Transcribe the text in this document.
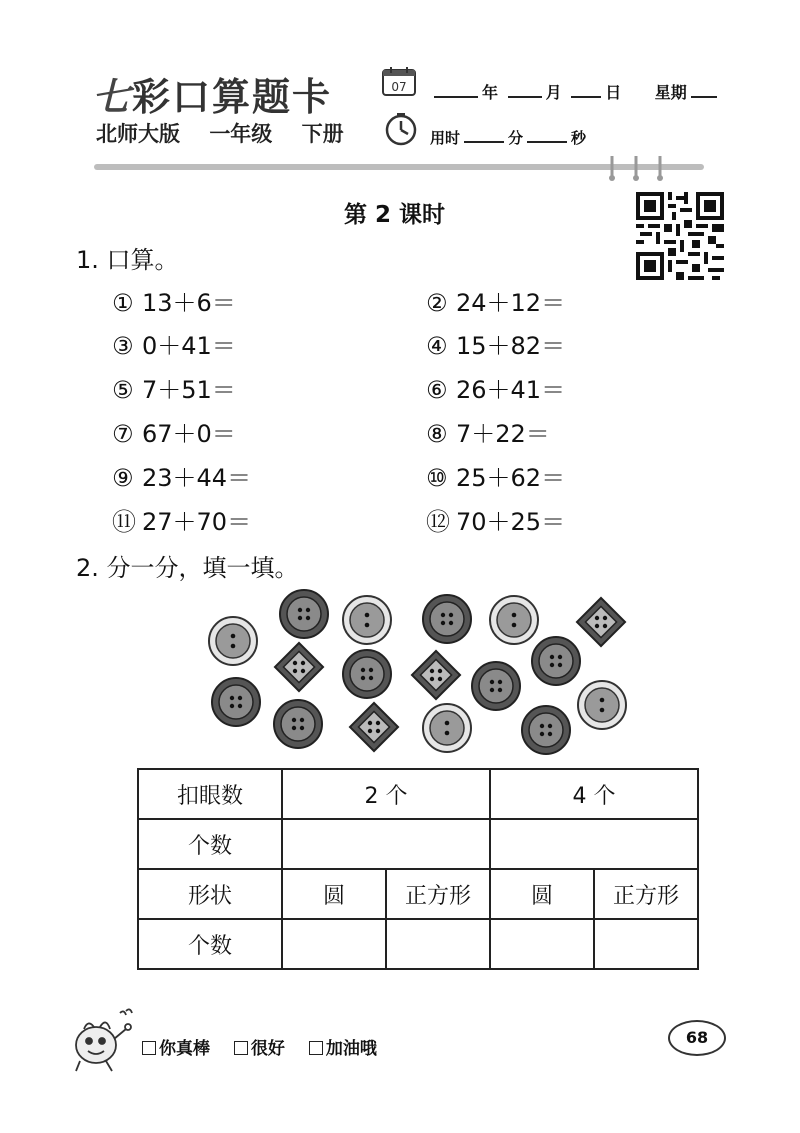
七彩口算题卡
北师大版 一年级 下册
07	年	月	日 星期
用时	分	秒
第 2 课时
1. 口算。
① 13＋6＝	② 24＋12＝
③ 0＋41＝	④ 15＋82＝
⑤ 7＋51＝	⑥ 26＋41＝
⑦ 67＋0＝	⑧ 7＋22＝
⑨ 23＋44＝	⑩ 25＋62＝
⑪ 27＋70＝	⑫ 70＋25＝
2. 分一分，填一填。
扣眼数	2 个		4 个	
个数				
形状	圆	正方形	圆	正方形
个数				
你真棒 很好 加油哦
68
